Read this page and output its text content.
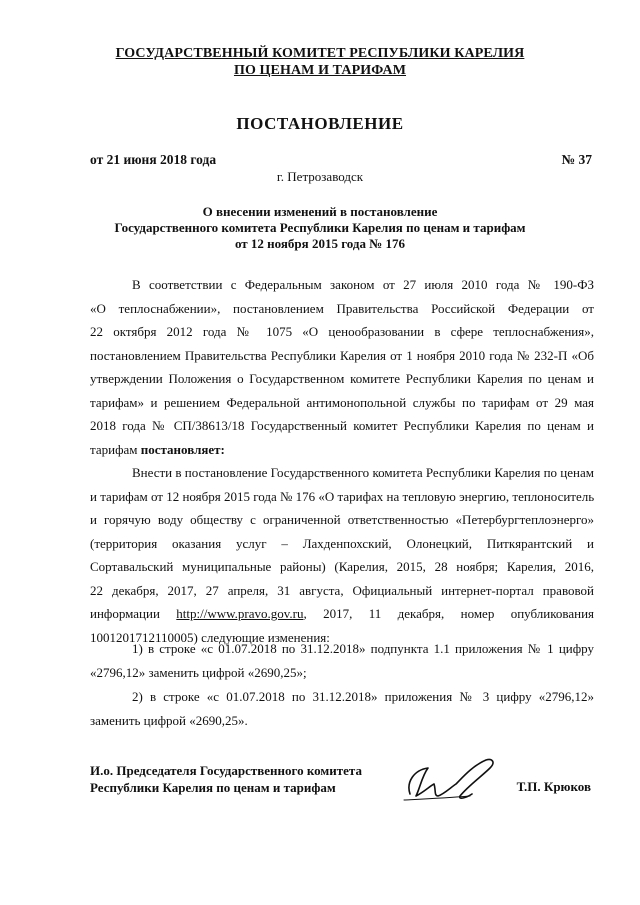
ГОСУДАРСТВЕННЫЙ КОМИТЕТ РЕСПУБЛИКИ КАРЕЛИЯ
ПО ЦЕНАМ И ТАРИФАМ
ПОСТАНОВЛЕНИЕ
от 21 июня 2018 года	№ 37
г. Петрозаводск
О внесении изменений в постановление
Государственного комитета Республики Карелия по ценам и тарифам
от 12 ноября 2015 года № 176
В соответствии с Федеральным законом от 27 июля 2010 года № 190-ФЗ
«О теплоснабжении», постановлением Правительства Российской Федерации от
22 октября 2012 года № 1075 «О ценообразовании в сфере теплоснабжения»,
постановлением Правительства Республики Карелия от 1 ноября 2010 года № 232-П «Об
утверждении Положения о Государственном комитете Республики Карелия по ценам и
тарифам» и решением Федеральной антимонопольной службы по тарифам от 29 мая
2018 года № СП/38613/18 Государственный комитет Республики Карелия по ценам и
тарифам постановляет:
Внести в постановление Государственного комитета Республики Карелия по ценам
и тарифам от 12 ноября 2015 года № 176 «О тарифах на тепловую энергию, теплоноситель
и горячую воду обществу с ограниченной ответственностью «Петербургтеплоэнерго»
(территория оказания услуг – Лахденпохский, Олонецкий, Питкярантский и
Сортавальский муниципальные районы) (Карелия, 2015, 28 ноября; Карелия, 2016,
22 декабря, 2017, 27 апреля, 31 августа, Официальный интернет-портал правовой
информации http://www.pravo.gov.ru, 2017, 11 декабря, номер опубликования
1001201712110005) следующие изменения:
1) в строке «с 01.07.2018 по 31.12.2018» подпункта 1.1 приложения № 1 цифру
«2796,12» заменить цифрой «2690,25»;
2) в строке «с 01.07.2018 по 31.12.2018» приложения № 3 цифру «2796,12»
заменить цифрой «2690,25».
И.о. Председателя Государственного комитета
Республики Карелия по ценам и тарифам	Т.П. Крюков
